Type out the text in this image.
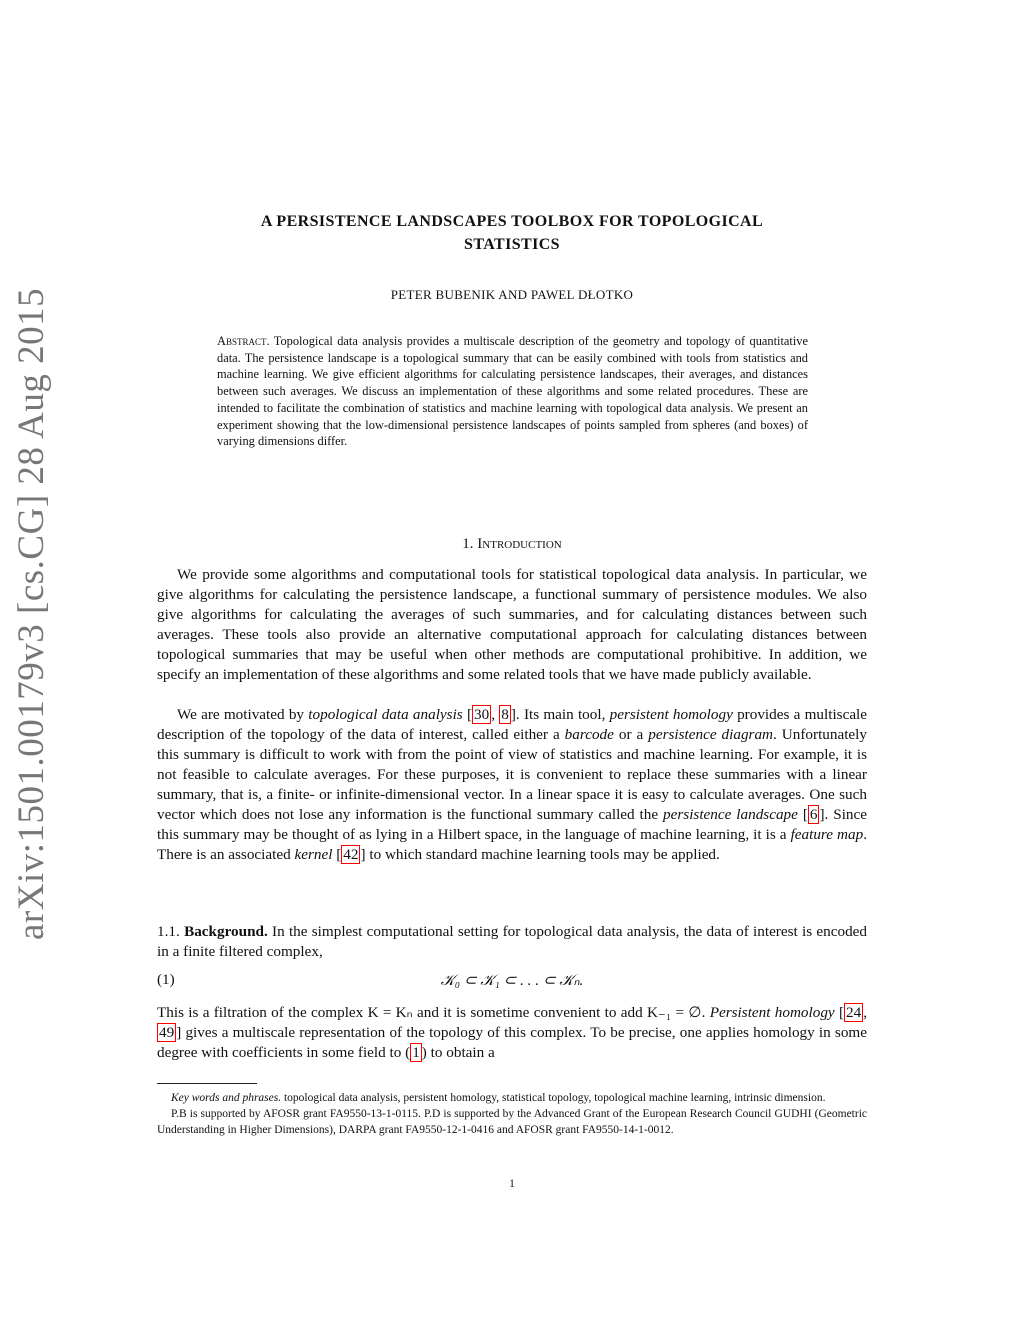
arXiv:1501.00179v3 [cs.CG] 28 Aug 2015
A PERSISTENCE LANDSCAPES TOOLBOX FOR TOPOLOGICAL
STATISTICS
PETER BUBENIK AND PAWEL DŁOTKO
Abstract. Topological data analysis provides a multiscale description of the geometry and topology of quantitative data. The persistence landscape is a topological summary that can be easily combined with tools from statistics and machine learning. We give efficient algorithms for calculating persistence landscapes, their averages, and distances between such averages. We discuss an implementation of these algorithms and some related procedures. These are intended to facilitate the combination of statistics and machine learning with topological data analysis. We present an experiment showing that the low-dimensional persistence landscapes of points sampled from spheres (and boxes) of varying dimensions differ.
1. Introduction

We provide some algorithms and computational tools for statistical topological data analysis. In particular, we give algorithms for calculating the persistence landscape, a functional summary of persistence modules. We also give algorithms for calculating the averages of such summaries, and for calculating distances between such averages. These tools also provide an alternative computational approach for calculating distances between topological summaries that may be useful when other methods are computational prohibitive. In addition, we specify an implementation of these algorithms and some related tools that we have made publicly available.

We are motivated by topological data analysis [ 30 , 8 ]. Its main tool, persistent homology provides a multiscale description of the topology of the data of interest, called either a barcode or a persistence diagram. Unfortunately this summary is difficult to work with from the point of view of statistics and machine learning. For example, it is not feasible to calculate averages. For these purposes, it is convenient to replace these summaries with a linear summary, that is, a finite- or infinite-dimensional vector. In a linear space it is easy to calculate averages. One such vector which does not lose any information is the functional summary called the persistence landscape [ 6 ]. Since this summary may be thought of as lying in a Hilbert space, in the language of machine learning, it is a feature map. There is an associated kernel [ 42 ] to which standard machine learning tools may be applied.

1.1. Background. In the simplest computational setting for topological data analysis, the data of interest is encoded in a finite filtered complex,

(1)	𝒦₀ ⊂ 𝒦₁ ⊂ . . . ⊂ 𝒦ₙ.

This is a filtration of the complex K = Kₙ and it is sometime convenient to add K₋₁ = ∅. Persistent homology [ 24 , 49 ] gives a multiscale representation of the topology of this complex. To be precise, one applies homology in some degree with coefficients in some field to ( 1 ) to obtain a

Key words and phrases. topological data analysis, persistent homology, statistical topology, topological machine learning, intrinsic dimension.

P.B is supported by AFOSR grant FA9550-13-1-0115. P.D is supported by the Advanced Grant of the European Research Council GUDHI (Geometric Understanding in Higher Dimensions), DARPA grant FA9550-12-1-0416 and AFOSR grant FA9550-14-1-0012.

1
